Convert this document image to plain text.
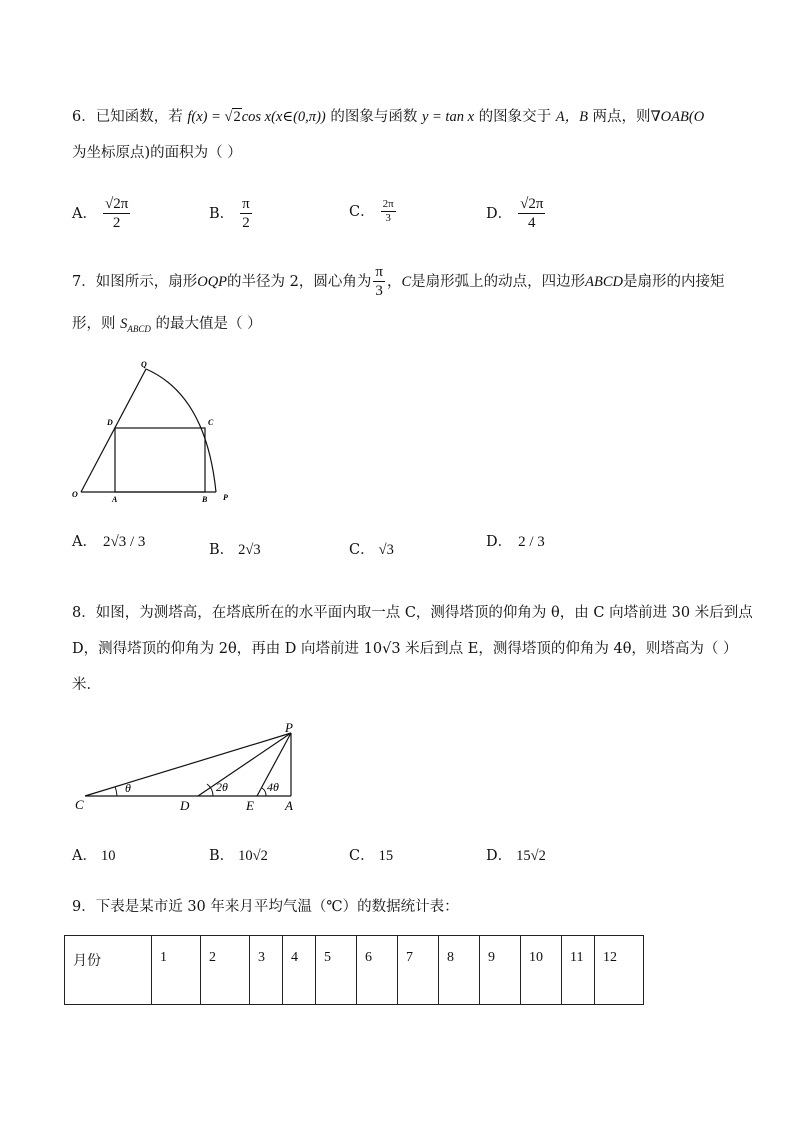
6．已知函数，若 f(x) = √2cos x(x∈(0,π)) 的图象与函数 y = tan x 的图象交于 A，B 两点，则∇OAB(O
为坐标原点)的面积为（ ）
A． $\frac{√2\pi}{2}$	B． $\frac{\pi}{2}$	C． $\frac{2\pi}{3}$	D． $\frac{√2\pi}{4}$
7．如图所示，扇形 OQP 的半径为 2，圆心角为 $\frac{\pi}{3}$ ， C 是扇形弧上的动点，四边形 ABCD 是扇形的内接矩
形，则 $S_{ABCD}$ 的最大值是（ ）
Q
D	C
O
A	B P
A． 2√3 / 3	B． 2√3	C． √3	D． 2 / 3
8．如图，为测塔高，在塔底所在的水平面内取一点 C，测得塔顶的仰角为 θ，由 C 向塔前进 30 米后到点
D，测得塔顶的仰角为 2θ，再由 D 向塔前进 10√3 米后到点 E，测得塔顶的仰角为 4θ，则塔高为（ ）
米．
P
C	D	E A
θ	2θ	4θ
A． 10	B． 10√2	C． 15	D． 15√2
9．下表是某市近 30 年来月平均气温（℃）的数据统计表：
月份	1	2	3	4	5	6	7	8	9	10	11	12
